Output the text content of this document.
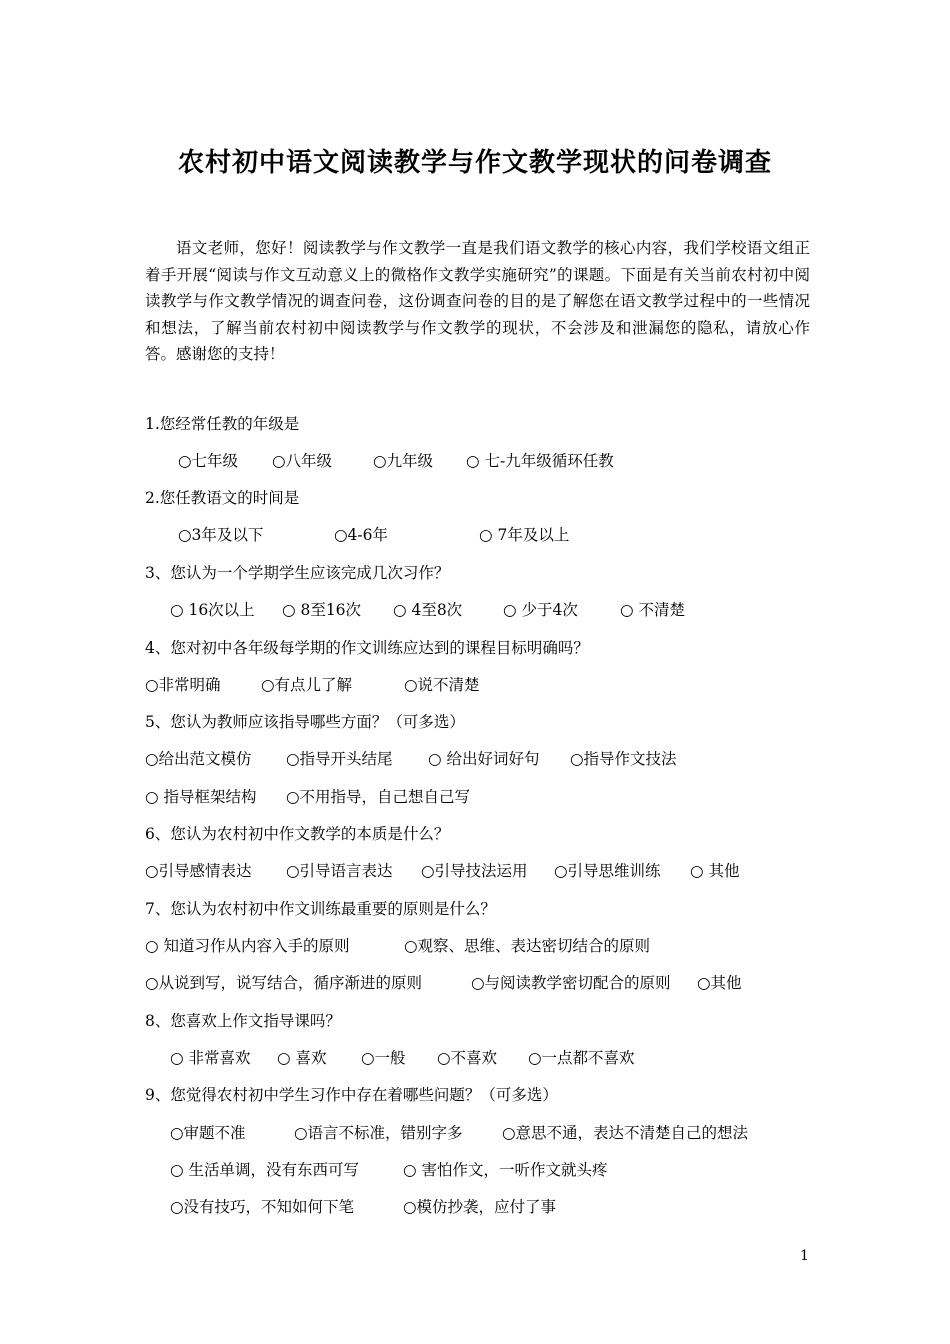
农村初中语文阅读教学与作文教学现状的问卷调查
语文老师，您好！阅读教学与作文教学一直是我们语文教学的核心内容，我们学校语文组正着手开展“阅读与作文互动意义上的微格作文教学实施研究”的课题。下面是有关当前农村初中阅读教学与作文教学情况的调查问卷，这份调查问卷的目的是了解您在语文教学过程中的一些情况和想法，了解当前农村初中阅读教学与作文教学的现状，不会涉及和泄漏您的隐私，请放心作答。感谢您的支持！
1.您经常任教的年级是
○七年级 ○八年级	○九年级 ○ 七-九年级循环任教
2.您任教语文的时间是
○3年及以下	○4-6年	○ 7年及以上
3、您认为一个学期学生应该完成几次习作？
○ 16次以上 ○ 8至16次 ○ 4至8次	○ 少于4次	○ 不清楚
4、您对初中各年级每学期的作文训练应达到的课程目标明确吗？
○非常明确	○有点儿了解	○说不清楚
5、您认为教师应该指导哪些方面？（可多选）
○给出范文模仿 ○指导开头结尾 ○ 给出好词好句 ○指导作文技法
○ 指导框架结构 ○不用指导，自己想自己写
6、您认为农村初中作文教学的本质是什么？
○引导感情表达 ○引导语言表达 ○引导技法运用 ○引导思维训练 ○ 其他
7、您认为农村初中作文训练最重要的原则是什么？
○ 知道习作从内容入手的原则	○观察、思维、表达密切结合的原则
○从说到写，说写结合，循序渐进的原则	○与阅读教学密切配合的原则 ○其他
8、您喜欢上作文指导课吗？
○ 非常喜欢 ○ 喜欢 ○一般 ○不喜欢 ○一点都不喜欢
9、您觉得农村初中学生习作中存在着哪些问题？（可多选）
○审题不准	○语言不标准，错别字多	○意思不通，表达不清楚自己的想法
○ 生活单调，没有东西可写	○ 害怕作文，一听作文就头疼
○没有技巧，不知如何下笔	○模仿抄袭，应付了事
1
